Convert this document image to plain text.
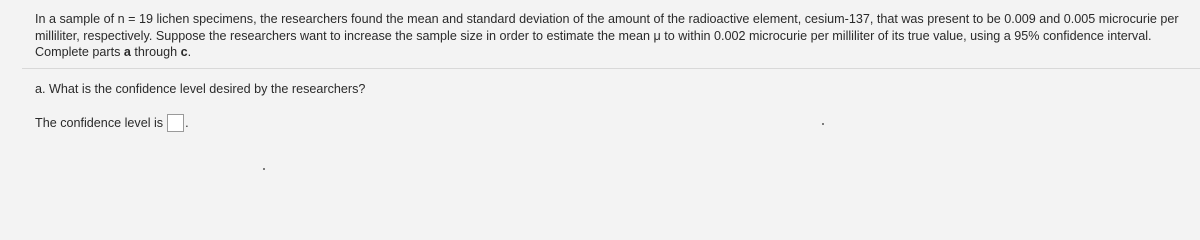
In a sample of n = 19 lichen specimens, the researchers found the mean and standard deviation of the amount of the radioactive element, cesium-137, that was present to be 0.009 and 0.005 microcurie per milliliter, respectively. Suppose the researchers want to increase the sample size in order to estimate the mean μ to within 0.002 microcurie per milliliter of its true value, using a 95% confidence interval. Complete parts a through c.
a. What is the confidence level desired by the researchers?
The confidence level is .
